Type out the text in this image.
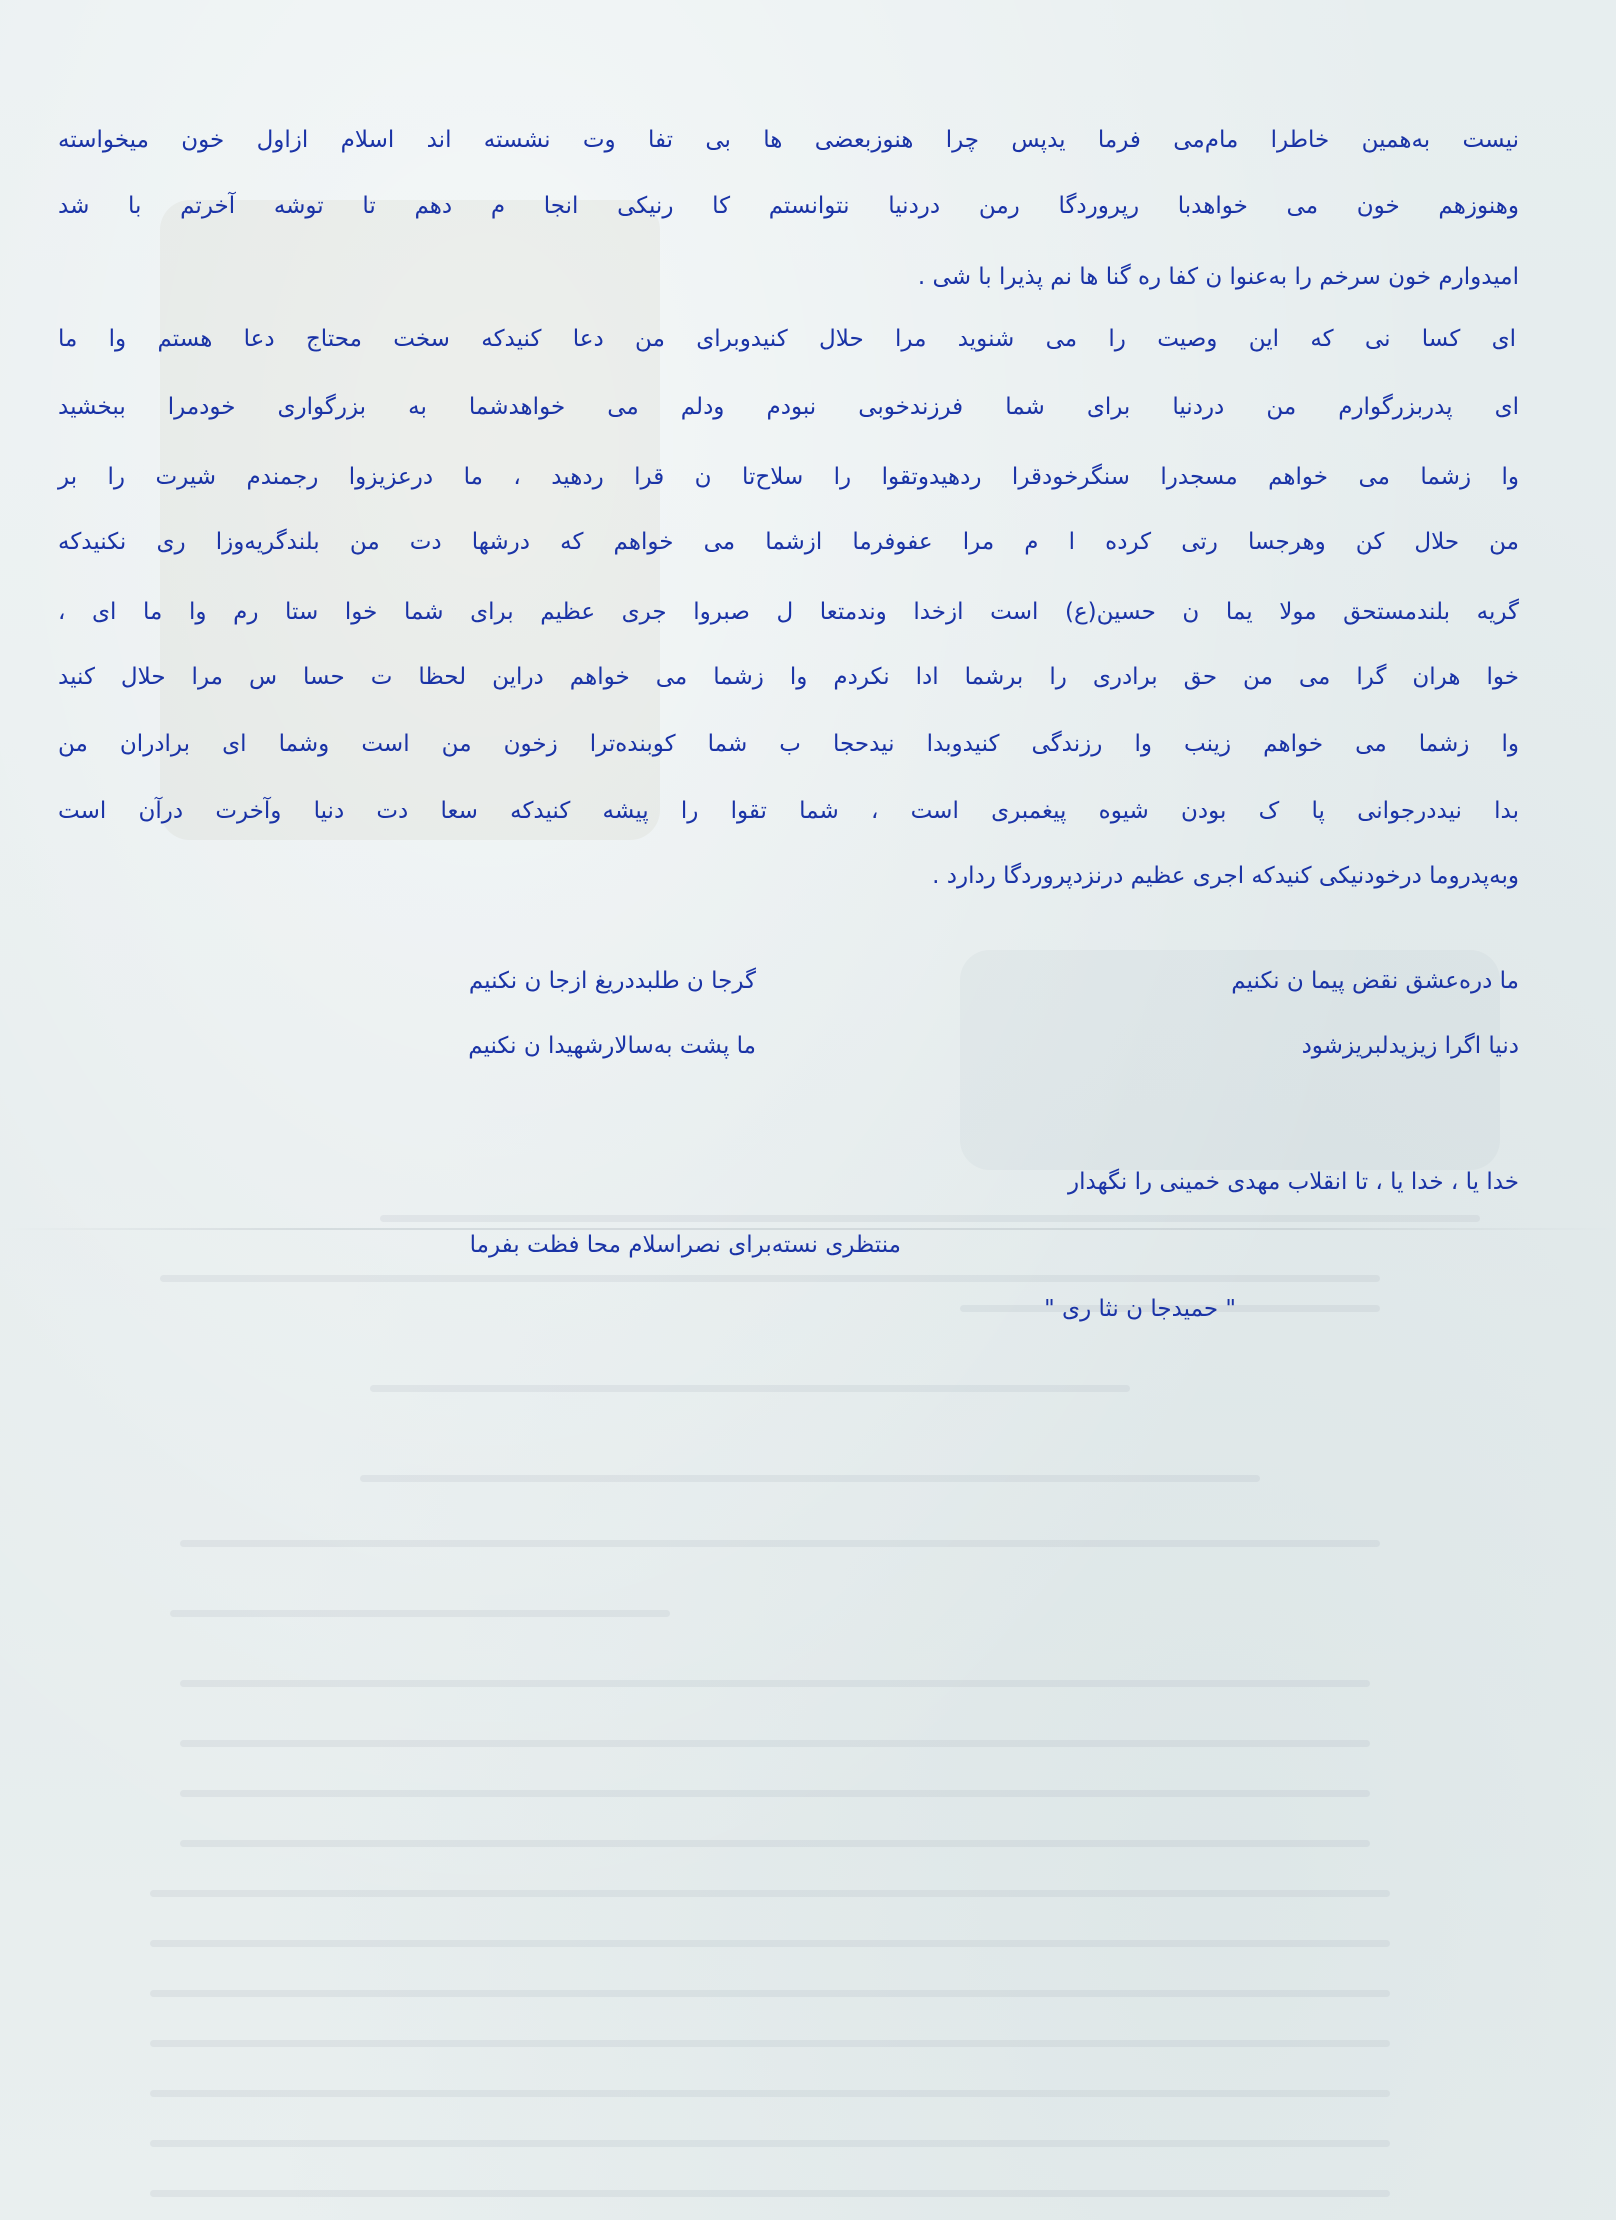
نیست به‌همین خاطرا مام‌می فرما یدپس چرا هنوزبعضی ها بی تفا وت نشسته اند اسلام ازاول خون میخواسته
وهنوزهم خون می خواهدبا رپروردگا رمن دردنیا نتوانستم کا رنیکی انجا م دهم تا توشه آخرتم با شد
امیدوارم خون سرخم را به‌عنوا ن کفا ره گنا ها نم پذیرا با شی .
ای کسا نی که این وصیت را می شنوید مرا حلال کنیدوبرای من دعا کنیدکه سخت محتاج دعا هستم وا ما
ای پدربزرگوارم من دردنیا برای شما فرزندخوبی نبودم ودلم می خواهدشما به بزرگواری خودمرا ببخشید
وا زشما می خواهم مسجدرا سنگرخودقرا ردهیدوتقوا را سلاح‌تا ن قرا ردهید ، ما درعزیزوا رجمندم شیرت را بر
من حلال کن وهرجسا رتی کرده ا م مرا عفوفرما ازشما می خواهم که درشها دت من بلندگریه‌وزا ری نکنیدکه
گریه بلندمستحق مولا یما ن حسین(ع) است ازخدا وندمتعا ل صبروا جری عظیم برای شما خوا ستا رم وا ما ای ،
خوا هران گرا می من حق برادری را برشما ادا نکردم وا زشما می خواهم دراین لحظا ت حسا س مرا حلال کنید
وا زشما می خواهم زینب وا رزندگی کنیدوبدا نیدحجا ب شما کوبنده‌ترا زخون من است وشما ای برادران من
بدا نیددرجوانی پا ک بودن شیوه پیغمبری است ، شما تقوا را پیشه کنیدکه سعا دت دنیا وآخرت درآن است
وبه‌پدروما درخودنیکی کنیدکه اجری عظیم درنزدپروردگا ردارد .
ما دره‌عشق نقض پیما ن نکنیم
گرجا ن طلبددریغ ازجا ن نکنیم
دنیا اگرا زیزیدلبریزشود
ما پشت به‌سالارشهیدا ن نکنیم
خدا یا ، خدا یا ، تا انقلاب مهدی خمینی را نگهدار
منتظری نسته‌برای نصراسلام محا فظت بفرما
" حمیدجا ن نثا ری "
